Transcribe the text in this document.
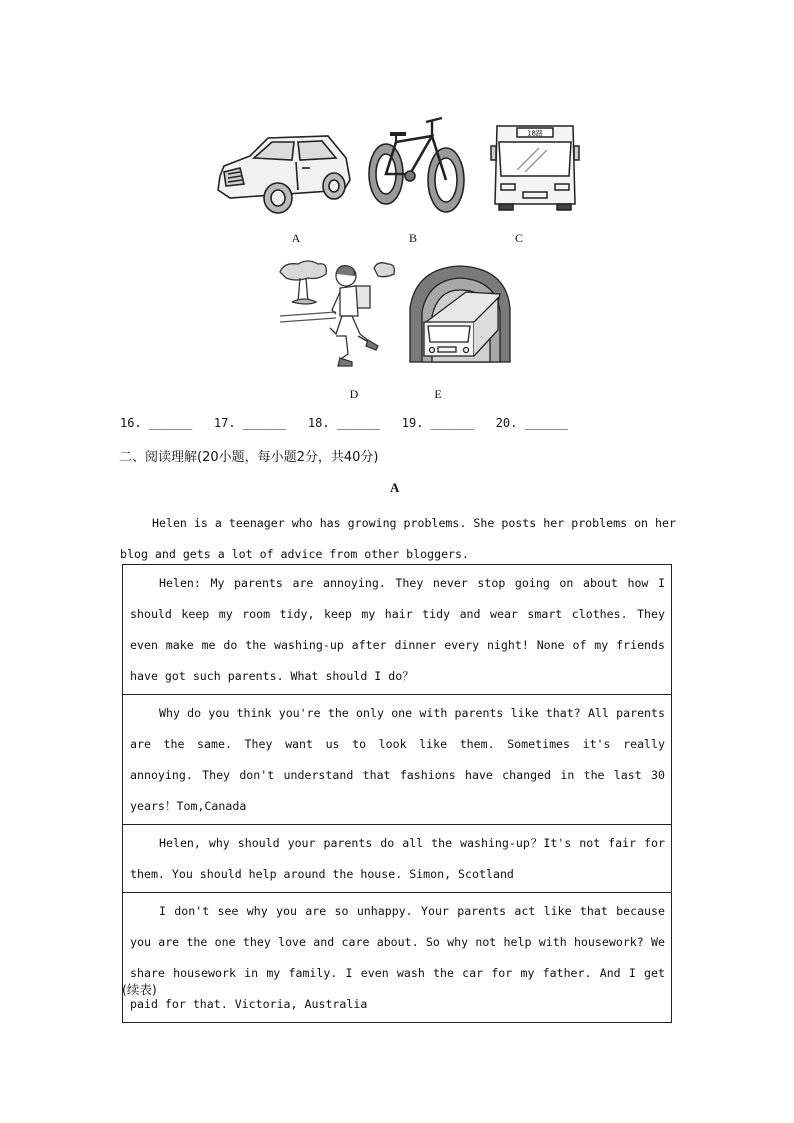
A	B
18路
C
D	E
16. ______   17. ______   18. ______   19. ______   20. ______
二、阅读理解(20小题，每小题2分，共40分)
A
Helen is a teenager who has growing problems. She posts her problems on her blog and gets a lot of advice from other bloggers.
Helen: My parents are annoying. They never stop going on about how I should keep my room tidy, keep my hair tidy and wear smart clothes. They even make me do the washing-up after dinner every night! None of my friends have got such parents. What should I do？
Why do you think you're the only one with parents like that? All parents are the same. They want us to look like them. Sometimes it's really annoying. They don't understand that fashions have changed in the last 30 years！Tom,Canada
Helen, why should your parents do all the washing-up？It's not fair for them. You should help around the house. Simon, Scotland
I don't see why you are so unhappy. Your parents act like that because you are the one they love and care about. So why not help with housework? We share housework in my family. I even wash the car for my father. And I get paid for that. Victoria, Australia
(续表)
